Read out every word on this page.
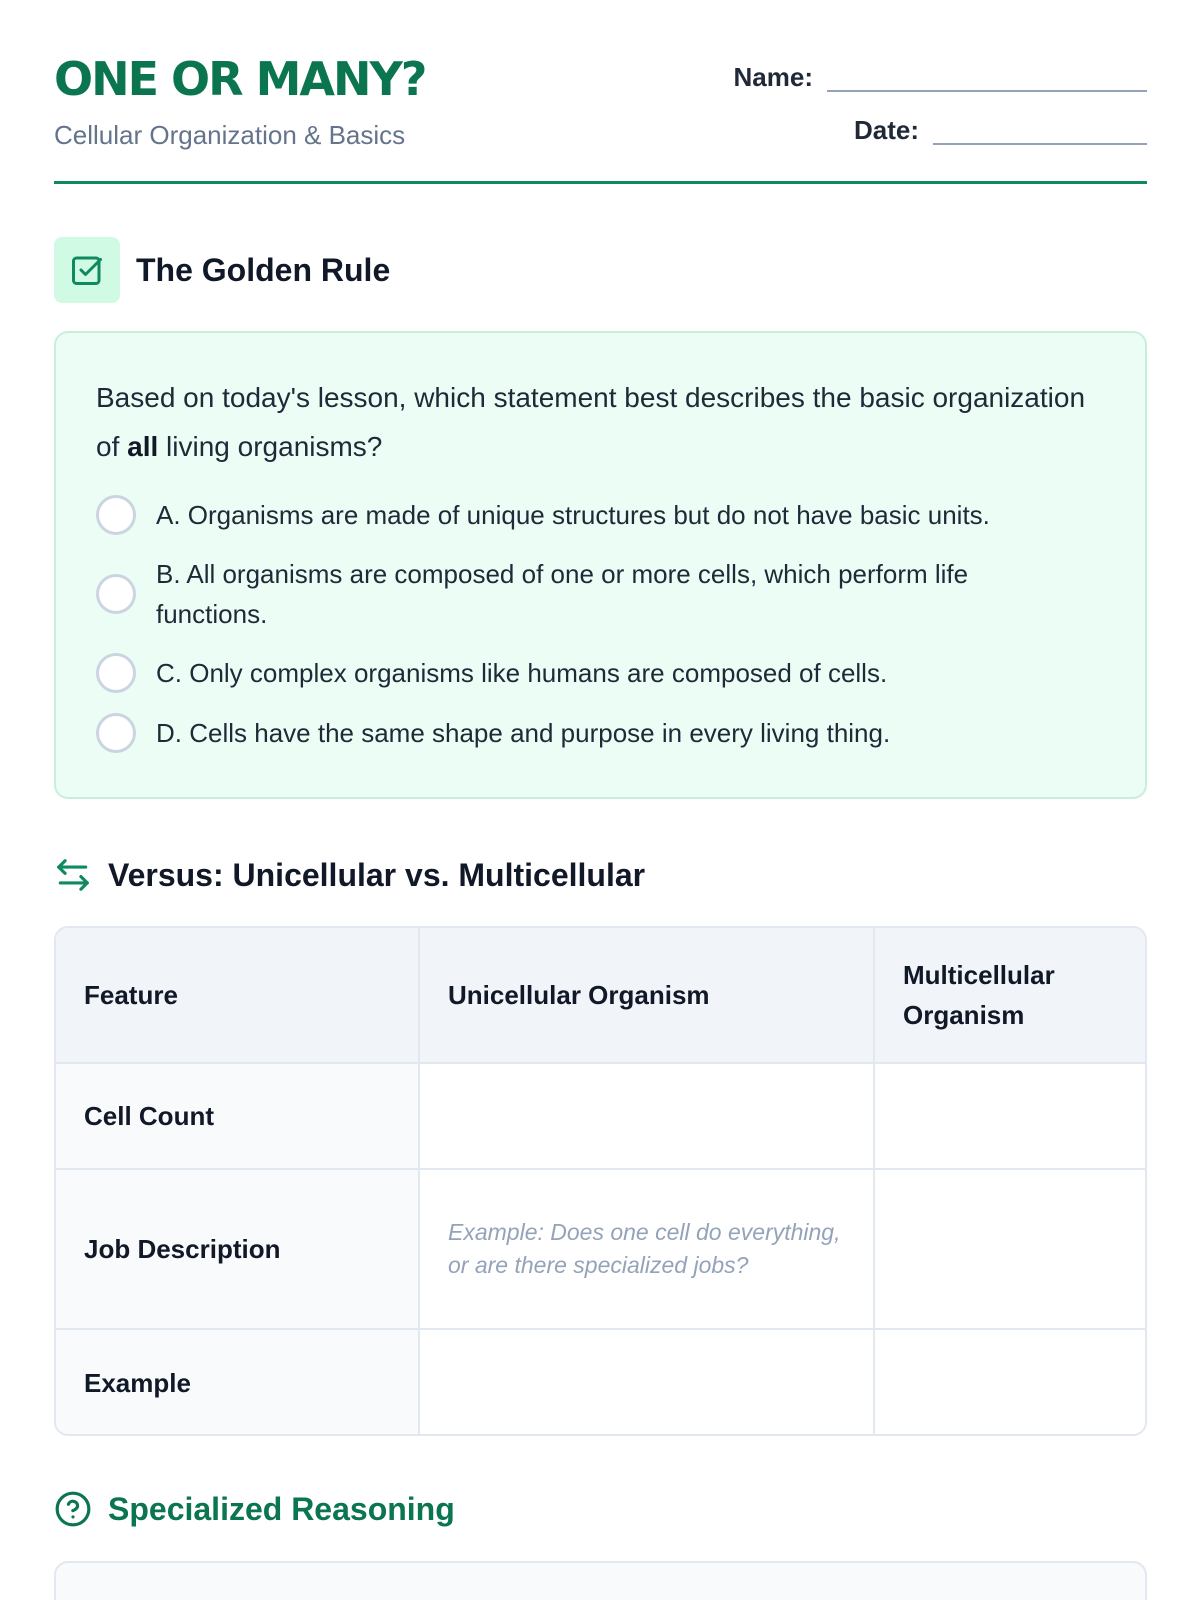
ONE OR MANY?
Cellular Organization & Basics
Name:
Date:
The Golden Rule
Based on today's lesson, which statement best describes the basic organization of all living organisms?
A. Organisms are made of unique structures but do not have basic units.
B. All organisms are composed of one or more cells, which perform life functions.
C. Only complex organisms like humans are composed of cells.
D. Cells have the same shape and purpose in every living thing.
Versus: Unicellular vs. Multicellular
Feature	Unicellular Organism	Multicellular Organism
Cell Count		
Job Description	Example: Does one cell do everything, or are there specialized jobs?	
Example		
Specialized Reasoning
